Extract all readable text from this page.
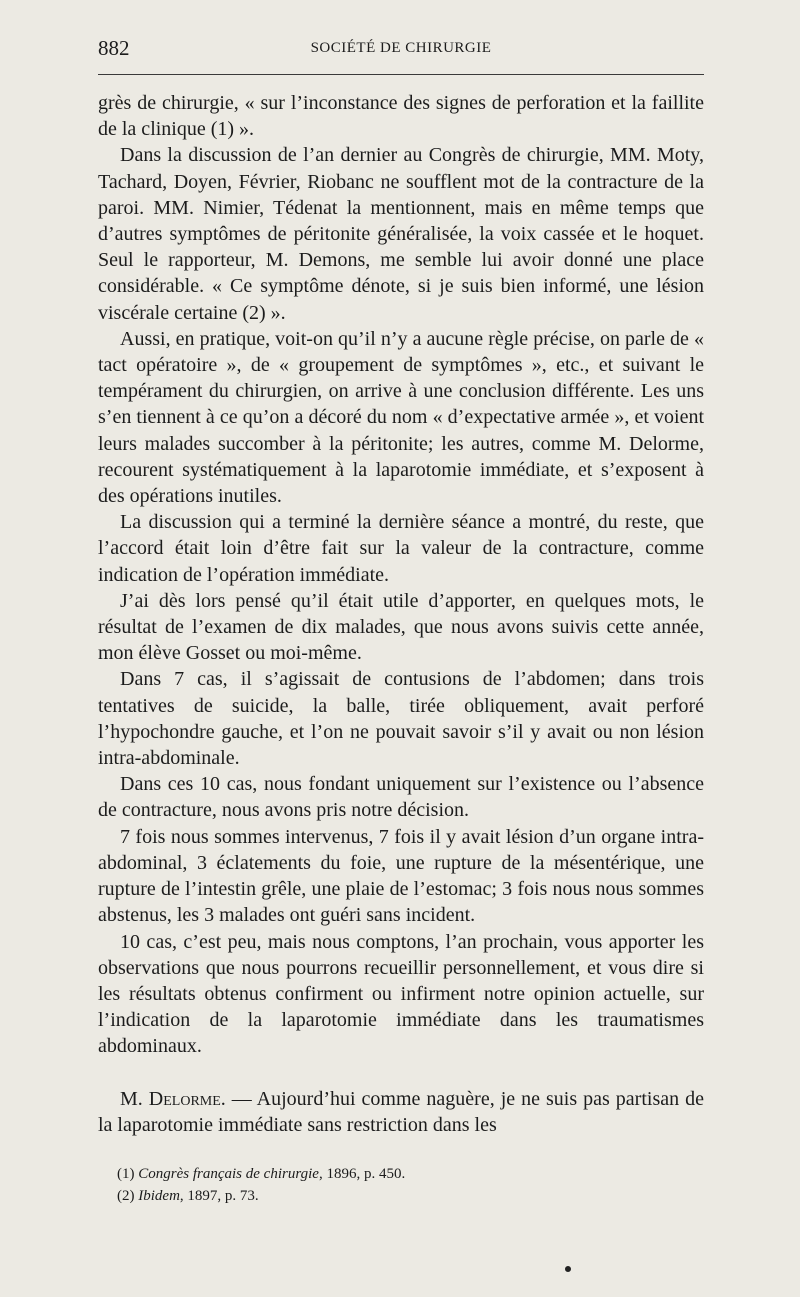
882	SOCIÉTÉ DE CHIRURGIE

grès de chirurgie, « sur l’inconstance des signes de perforation et la faillite de la clinique (1) ».

Dans la discussion de l’an dernier au Congrès de chirurgie, MM. Moty, Tachard, Doyen, Février, Riobanc ne soufflent mot de la contracture de la paroi. MM. Nimier, Tédenat la mentionnent, mais en même temps que d’autres symptômes de péritonite généralisée, la voix cassée et le hoquet. Seul le rapporteur, M. Demons, me semble lui avoir donné une place considérable. « Ce symptôme dénote, si je suis bien informé, une lésion viscérale certaine (2) ».

Aussi, en pratique, voit-on qu’il n’y a aucune règle précise, on parle de « tact opératoire », de « groupement de symptômes », etc., et suivant le tempérament du chirurgien, on arrive à une conclusion différente. Les uns s’en tiennent à ce qu’on a décoré du nom « d’expectative armée », et voient leurs malades succomber à la péritonite; les autres, comme M. Delorme, recourent systématiquement à la laparotomie immédiate, et s’exposent à des opérations inutiles.

La discussion qui a terminé la dernière séance a montré, du reste, que l’accord était loin d’être fait sur la valeur de la contracture, comme indication de l’opération immédiate.

J’ai dès lors pensé qu’il était utile d’apporter, en quelques mots, le résultat de l’examen de dix malades, que nous avons suivis cette année, mon élève Gosset ou moi-même.

Dans 7 cas, il s’agissait de contusions de l’abdomen; dans trois tentatives de suicide, la balle, tirée obliquement, avait perforé l’hypochondre gauche, et l’on ne pouvait savoir s’il y avait ou non lésion intra-abdominale.

Dans ces 10 cas, nous fondant uniquement sur l’existence ou l’absence de contracture, nous avons pris notre décision.

7 fois nous sommes intervenus, 7 fois il y avait lésion d’un organe intra-abdominal, 3 éclatements du foie, une rupture de la mésentérique, une rupture de l’intestin grêle, une plaie de l’estomac; 3 fois nous nous sommes abstenus, les 3 malades ont guéri sans incident.

10 cas, c’est peu, mais nous comptons, l’an prochain, vous apporter les observations que nous pourrons recueillir personnellement, et vous dire si les résultats obtenus confirment ou infirment notre opinion actuelle, sur l’indication de la laparotomie immédiate dans les traumatismes abdominaux.

M. Delorme. — Aujourd’hui comme naguère, je ne suis pas partisan de la laparotomie immédiate sans restriction dans les

(1) Congrès français de chirurgie, 1896, p. 450.

(2) Ibidem, 1897, p. 73.
